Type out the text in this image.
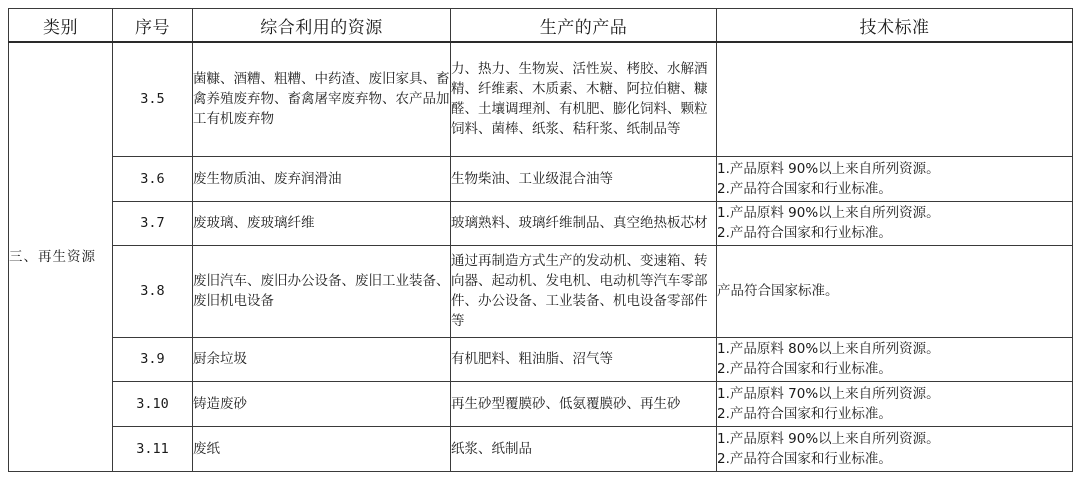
类别	序号	综合利用的资源	生产的产品	技术标准
三、再生资源	3.5	菌糠、酒糟、粗糟、中药渣、废旧家具、畜禽养殖废弃物、畜禽屠宰废弃物、农产品加工有机废弃物	力、热力、生物炭、活性炭、栲胶、水解酒精、纤维素、木质素、木糖、阿拉伯糖、糠醛、土壤调理剂、有机肥、膨化饲料、颗粒饲料、菌棒、纸浆、秸秆浆、纸制品等	
	3.6	废生物质油、废弃润滑油	生物柴油、工业级混合油等	1.产品原料 90%以上来自所列资源。
2.产品符合国家和行业标准。

	3.7	废玻璃、废玻璃纤维	玻璃熟料、玻璃纤维制品、真空绝热板芯材	1.产品原料 90%以上来自所列资源。
2.产品符合国家和行业标准。

	3.8	废旧汽车、废旧办公设备、废旧工业装备、废旧机电设备	通过再制造方式生产的发动机、变速箱、转向器、起动机、发电机、电动机等汽车零部件、办公设备、工业装备、机电设备零部件等	产品符合国家标准。

	3.9	厨余垃圾	有机肥料、粗油脂、沼气等	1.产品原料 80%以上来自所列资源。
2.产品符合国家和行业标准。

	3.10	铸造废砂	再生砂型覆膜砂、低氨覆膜砂、再生砂	1.产品原料 70%以上来自所列资源。
2.产品符合国家和行业标准。

	3.11	废纸	纸浆、纸制品	1.产品原料 90%以上来自所列资源。
2.产品符合国家和行业标准。
